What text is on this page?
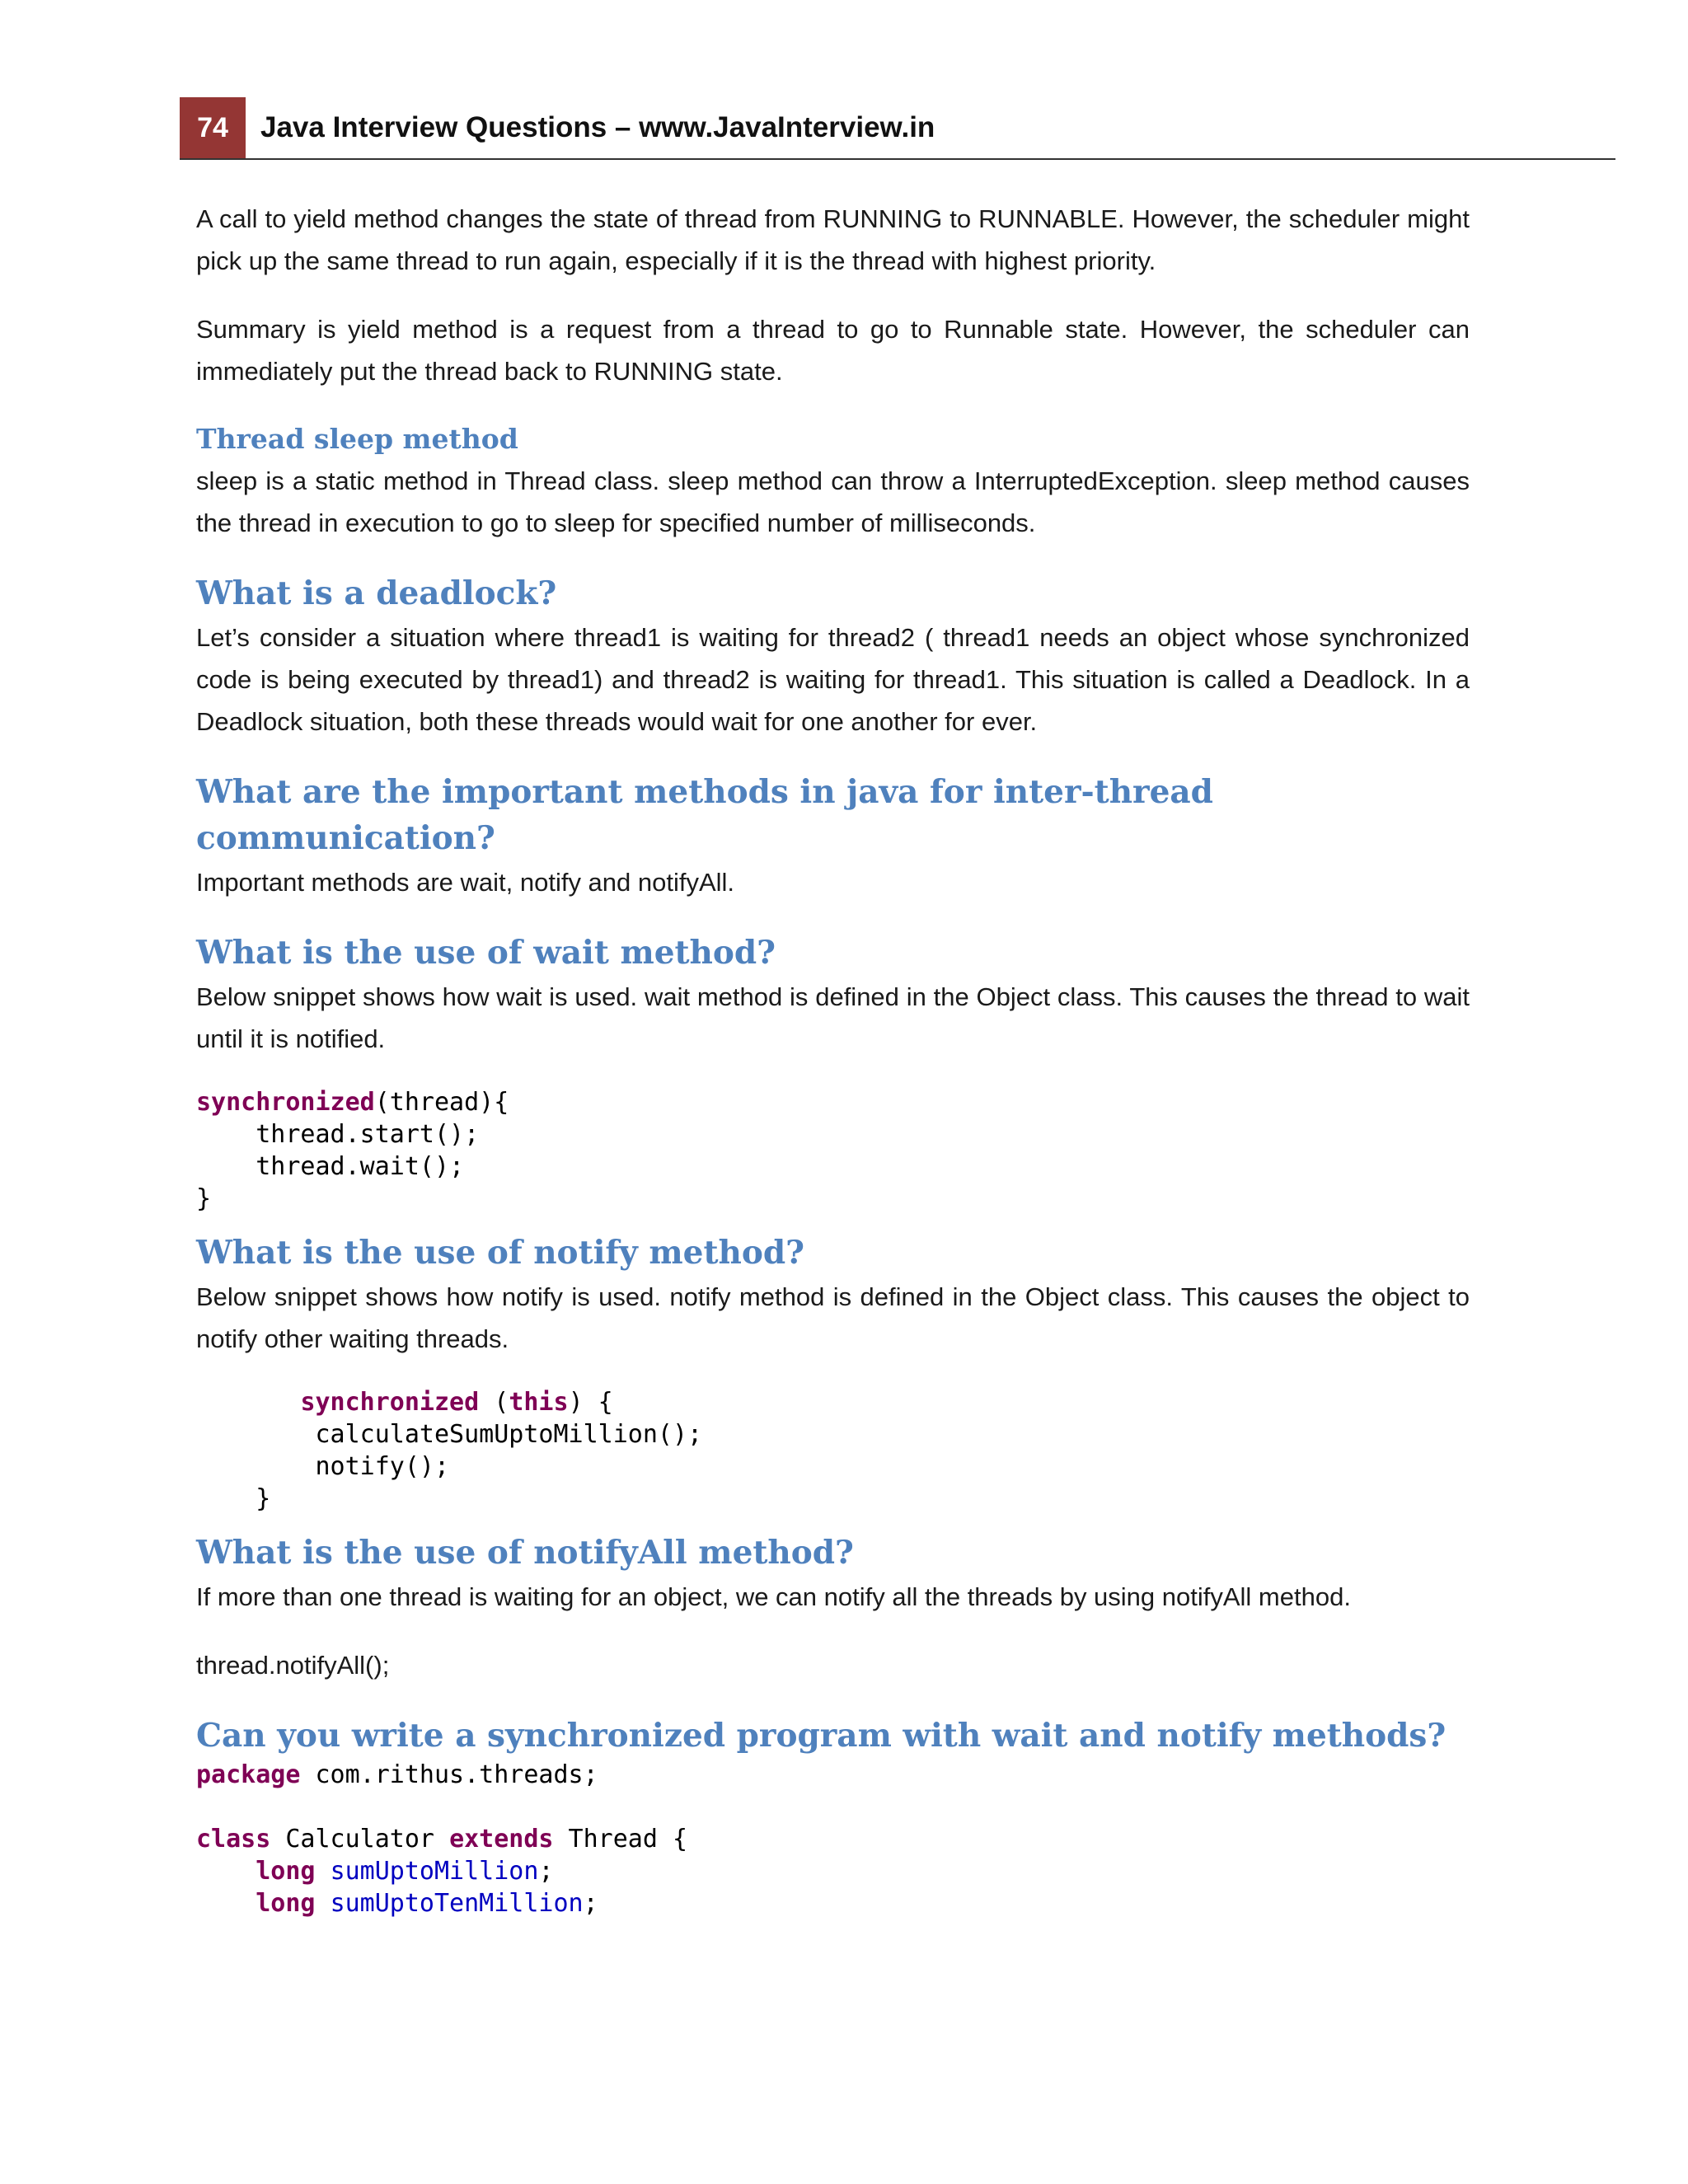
74	Java Interview Questions – www.JavaInterview.in

A call to yield method changes the state of thread from RUNNING to RUNNABLE. However, the scheduler might pick up the same thread to run again, especially if it is the thread with highest priority.

Summary is yield method is a request from a thread to go to Runnable state. However, the scheduler can immediately put the thread back to RUNNING state.

Thread sleep method

sleep is a static method in Thread class. sleep method can throw a InterruptedException. sleep method causes the thread in execution to go to sleep for specified number of milliseconds.

What is a deadlock?

Let’s consider a situation where thread1 is waiting for thread2 ( thread1 needs an object whose synchronized code is being executed by thread1) and thread2 is waiting for thread1. This situation is called a Deadlock. In a Deadlock situation, both these threads would wait for one another for ever.

What are the important methods in java for inter-thread communication?

Important methods are wait, notify and notifyAll.

What is the use of wait method?

Below snippet shows how wait is used. wait method is defined in the Object class. This causes the thread to wait until it is notified.

synchronized(thread){
thread.start();
thread.wait();
}
What is the use of notify method?

Below snippet shows how notify is used. notify method is defined in the Object class. This causes the object to notify other waiting threads.

synchronized (this) {
calculateSumUptoMillion();
notify();
}
What is the use of notifyAll method?

If more than one thread is waiting for an object, we can notify all the threads by using notifyAll method.

thread.notifyAll();

Can you write a synchronized program with wait and notify methods?
package com.rithus.threads;

class Calculator extends Thread {
long sumUptoMillion;
long sumUptoTenMillion;
